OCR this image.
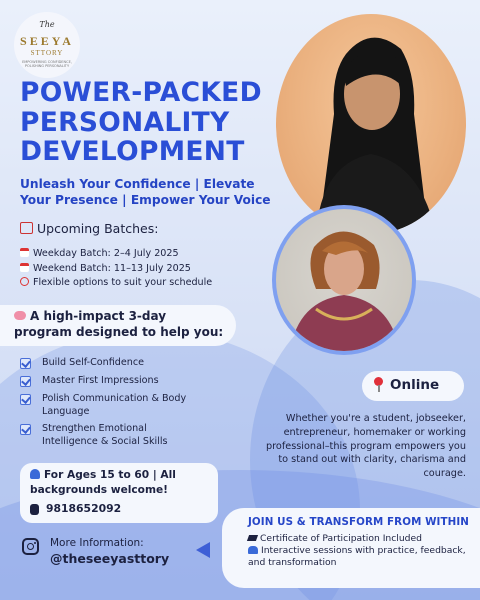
The
SEEYA
STTORY
EMPOWERING CONFIDENCE, POLISHING PERSONALITY
POWER-PACKED PERSONALITY DEVELOPMENT
Unleash Your Confidence | Elevate Your Presence | Empower Your Voice
Upcoming Batches:
Weekday Batch: 2–4 July 2025
Weekend Batch: 11–13 July 2025
Flexible options to suit your schedule
A high-impact 3-day program designed to help you:
Build Self-Confidence
Master First Impressions
Polish Communication & Body Language
Strengthen Emotional Intelligence & Social Skills
Online
Whether you're a student, jobseeker, entrepreneur, homemaker or working professional–this program empowers you to stand out with clarity, charisma and courage.
For Ages 15 to 60 | All backgrounds welcome!
9818652092
More Information:
@theseeyasttory
JOIN US & TRANSFORM FROM WITHIN
Certificate of Participation Included
Interactive sessions with practice, feedback, and transformation
